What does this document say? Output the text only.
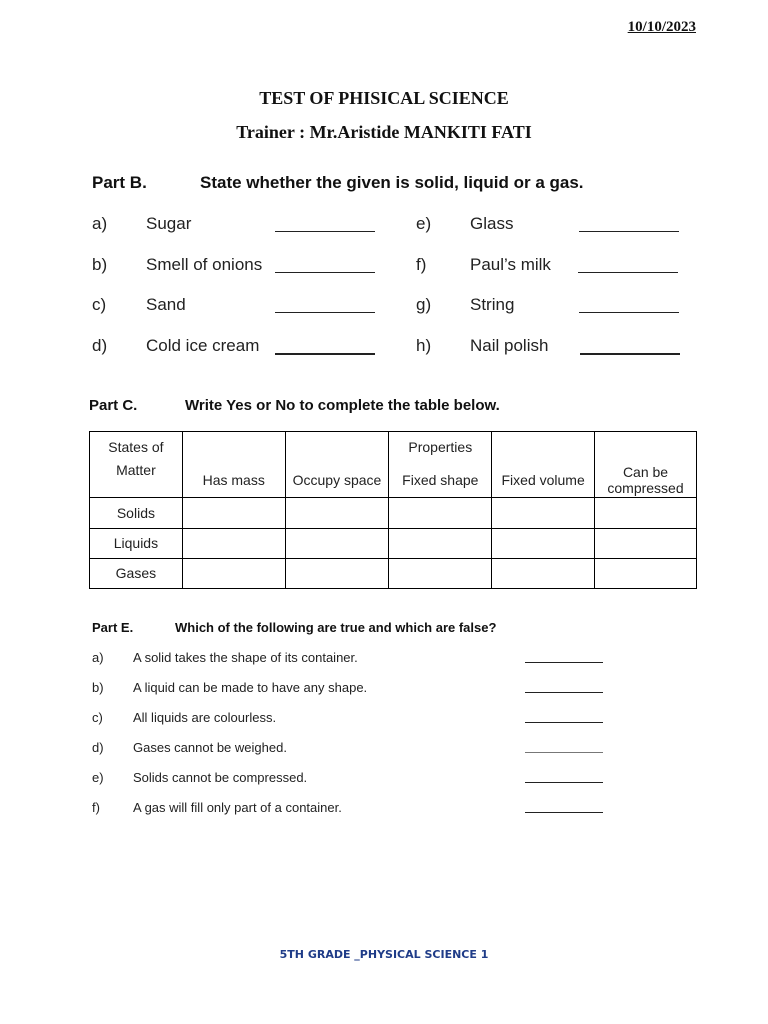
10/10/2023
TEST OF PHISICAL SCIENCE
Trainer : Mr.Aristide MANKITI FATI
Part B.	State whether the given is solid, liquid or a gas.
a) Sugar
b) Smell of onions
c) Sand
d) Cold ice cream
e) Glass
f)	Paul’s milk
g) String
h) Nail polish
Part C.	Write Yes or No to complete the table below.
States of			Properties		
Matter	Has mass	Occupy space	Fixed shape	Fixed volume	Can be compressed
Solids					
Liquids					
Gases					
Part E.	Which of the following are true and which are false?
a) A solid takes the shape of its container.
b) A liquid can be made to have any shape.
c) All liquids are colourless.
d) Gases cannot be weighed.
e) Solids cannot be compressed.
f)	A gas will fill only part of a container.
5TH GRADE _PHYSICAL SCIENCE 1
